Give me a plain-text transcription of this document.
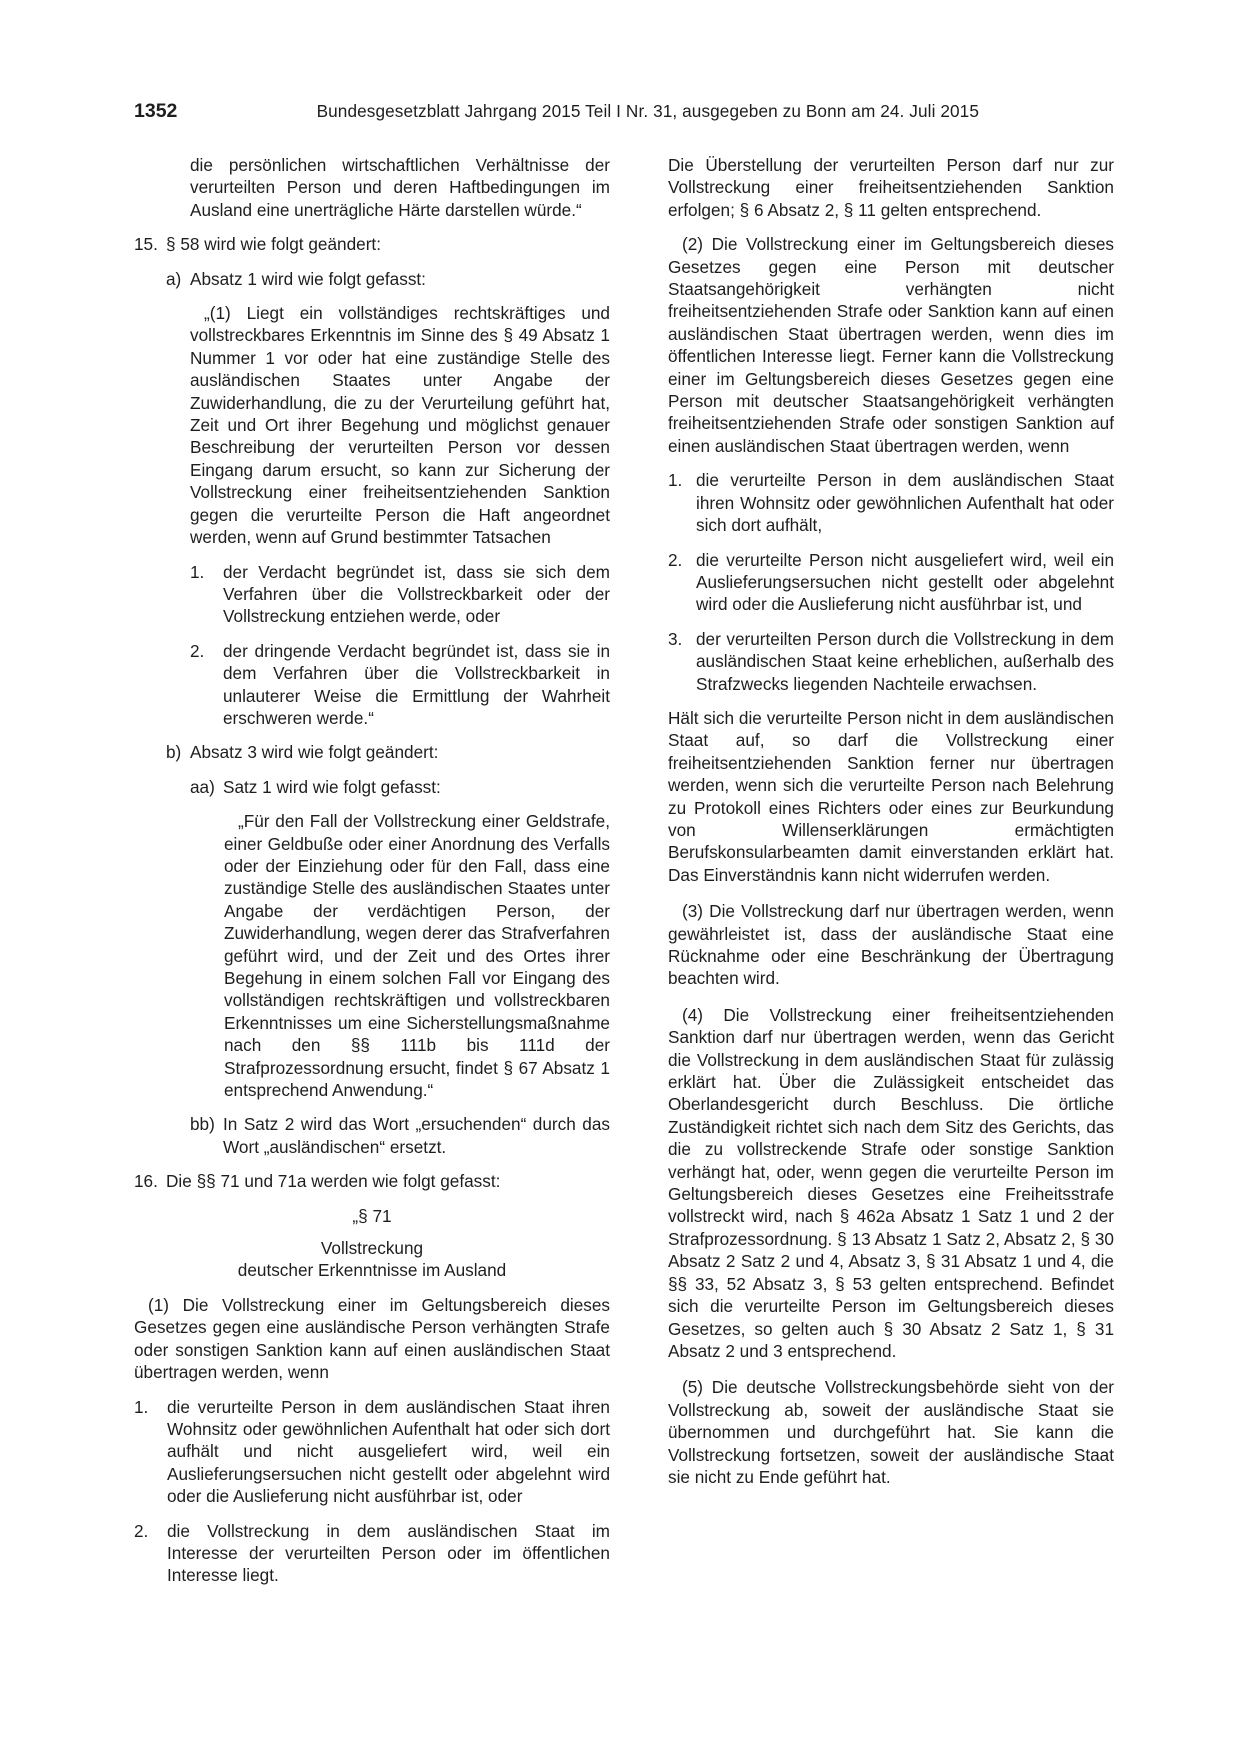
1352	Bundesgesetzblatt Jahrgang 2015 Teil I Nr. 31, ausgegeben zu Bonn am 24. Juli 2015

die persönlichen wirtschaftlichen Verhältnisse der verurteilten Person und deren Haftbedingungen im Ausland eine unerträgliche Härte darstellen würde.“

15. § 58 wird wie folgt geändert:

a) Absatz 1 wird wie folgt gefasst:

„(1) Liegt ein vollständiges rechtskräftiges und vollstreckbares Erkenntnis im Sinne des § 49 Absatz 1 Nummer 1 vor oder hat eine zuständige Stelle des ausländischen Staates unter Angabe der Zuwiderhandlung, die zu der Verurteilung geführt hat, Zeit und Ort ihrer Begehung und möglichst genauer Beschreibung der verurteilten Person vor dessen Eingang darum ersucht, so kann zur Sicherung der Vollstreckung einer freiheitsentziehenden Sanktion gegen die verurteilte Person die Haft angeordnet werden, wenn auf Grund bestimmter Tatsachen

1. der Verdacht begründet ist, dass sie sich dem Verfahren über die Vollstreckbarkeit oder der Vollstreckung entziehen werde, oder

2. der dringende Verdacht begründet ist, dass sie in dem Verfahren über die Vollstreckbarkeit in unlauterer Weise die Ermittlung der Wahrheit erschweren werde.“

b) Absatz 3 wird wie folgt geändert:

aa) Satz 1 wird wie folgt gefasst:

„Für den Fall der Vollstreckung einer Geldstrafe, einer Geldbuße oder einer Anordnung des Verfalls oder der Einziehung oder für den Fall, dass eine zuständige Stelle des ausländischen Staates unter Angabe der verdächtigen Person, der Zuwiderhandlung, wegen derer das Strafverfahren geführt wird, und der Zeit und des Ortes ihrer Begehung in einem solchen Fall vor Eingang des vollständigen rechtskräftigen und vollstreckbaren Erkenntnisses um eine Sicherstellungsmaßnahme nach den §§ 111b bis 111d der Strafprozessordnung ersucht, findet § 67 Absatz 1 entsprechend Anwendung.“

bb) In Satz 2 wird das Wort „ersuchenden“ durch das Wort „ausländischen“ ersetzt.

16. Die §§ 71 und 71a werden wie folgt gefasst:

„§ 71
Vollstreckung
deutscher Erkenntnisse im Ausland

(1) Die Vollstreckung einer im Geltungsbereich dieses Gesetzes gegen eine ausländische Person verhängten Strafe oder sonstigen Sanktion kann auf einen ausländischen Staat übertragen werden, wenn

1. die verurteilte Person in dem ausländischen Staat ihren Wohnsitz oder gewöhnlichen Aufenthalt hat oder sich dort aufhält und nicht ausgeliefert wird, weil ein Auslieferungsersuchen nicht gestellt oder abgelehnt wird oder die Auslieferung nicht ausführbar ist, oder

2. die Vollstreckung in dem ausländischen Staat im Interesse der verurteilten Person oder im öffentlichen Interesse liegt.

Die Überstellung der verurteilten Person darf nur zur Vollstreckung einer freiheitsentziehenden Sanktion erfolgen; § 6 Absatz 2, § 11 gelten entsprechend.

(2) Die Vollstreckung einer im Geltungsbereich dieses Gesetzes gegen eine Person mit deutscher Staatsangehörigkeit verhängten nicht freiheitsentziehenden Strafe oder Sanktion kann auf einen ausländischen Staat übertragen werden, wenn dies im öffentlichen Interesse liegt. Ferner kann die Vollstreckung einer im Geltungsbereich dieses Gesetzes gegen eine Person mit deutscher Staatsangehörigkeit verhängten freiheitsentziehenden Strafe oder sonstigen Sanktion auf einen ausländischen Staat übertragen werden, wenn

1. die verurteilte Person in dem ausländischen Staat ihren Wohnsitz oder gewöhnlichen Aufenthalt hat oder sich dort aufhält,

2. die verurteilte Person nicht ausgeliefert wird, weil ein Auslieferungsersuchen nicht gestellt oder abgelehnt wird oder die Auslieferung nicht ausführbar ist, und

3. der verurteilten Person durch die Vollstreckung in dem ausländischen Staat keine erheblichen, außerhalb des Strafzwecks liegenden Nachteile erwachsen.

Hält sich die verurteilte Person nicht in dem ausländischen Staat auf, so darf die Vollstreckung einer freiheitsentziehenden Sanktion ferner nur übertragen werden, wenn sich die verurteilte Person nach Belehrung zu Protokoll eines Richters oder eines zur Beurkundung von Willenserklärungen ermächtigten Berufskonsularbeamten damit einverstanden erklärt hat. Das Einverständnis kann nicht widerrufen werden.

(3) Die Vollstreckung darf nur übertragen werden, wenn gewährleistet ist, dass der ausländische Staat eine Rücknahme oder eine Beschränkung der Übertragung beachten wird.

(4) Die Vollstreckung einer freiheitsentziehenden Sanktion darf nur übertragen werden, wenn das Gericht die Vollstreckung in dem ausländischen Staat für zulässig erklärt hat. Über die Zulässigkeit entscheidet das Oberlandesgericht durch Beschluss. Die örtliche Zuständigkeit richtet sich nach dem Sitz des Gerichts, das die zu vollstreckende Strafe oder sonstige Sanktion verhängt hat, oder, wenn gegen die verurteilte Person im Geltungsbereich dieses Gesetzes eine Freiheitsstrafe vollstreckt wird, nach § 462a Absatz 1 Satz 1 und 2 der Strafprozessordnung. § 13 Absatz 1 Satz 2, Absatz 2, § 30 Absatz 2 Satz 2 und 4, Absatz 3, § 31 Absatz 1 und 4, die §§ 33, 52 Absatz 3, § 53 gelten entsprechend. Befindet sich die verurteilte Person im Geltungsbereich dieses Gesetzes, so gelten auch § 30 Absatz 2 Satz 1, § 31 Absatz 2 und 3 entsprechend.

(5) Die deutsche Vollstreckungsbehörde sieht von der Vollstreckung ab, soweit der ausländische Staat sie übernommen und durchgeführt hat. Sie kann die Vollstreckung fortsetzen, soweit der ausländische Staat sie nicht zu Ende geführt hat.
